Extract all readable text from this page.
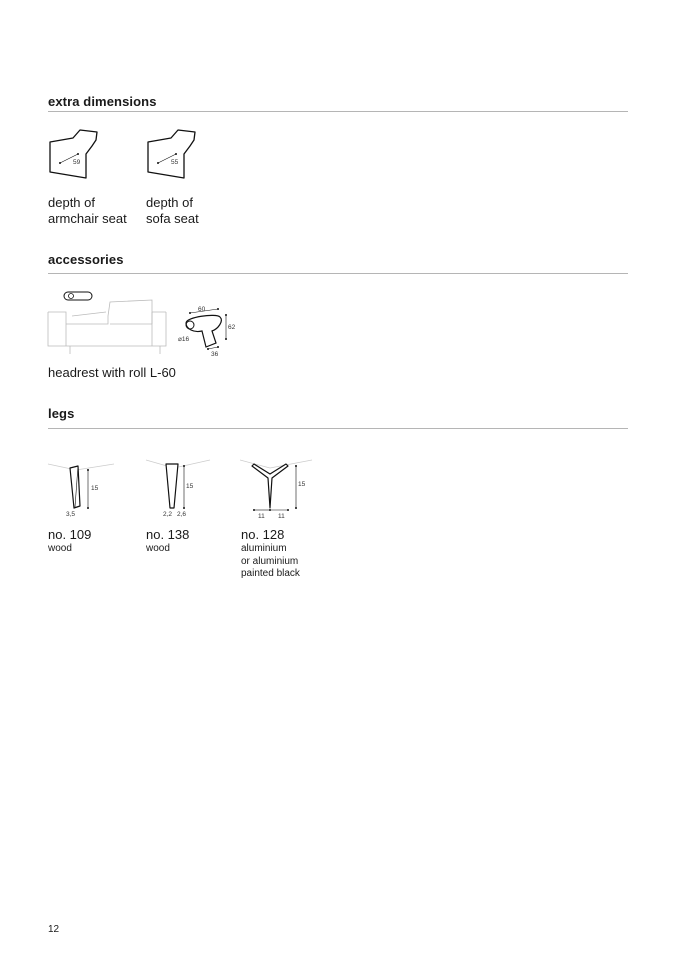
extra dimensions
59	55
depth of
armchair seat
depth of
sofa seat
accessories
60
62
⌀16
36
headrest with roll L-60
legs
15
3,5
15
2,2 2,6
15
11 11
no. 109
wood
no. 138
wood
no. 128
aluminium
or aluminium
painted black
12
